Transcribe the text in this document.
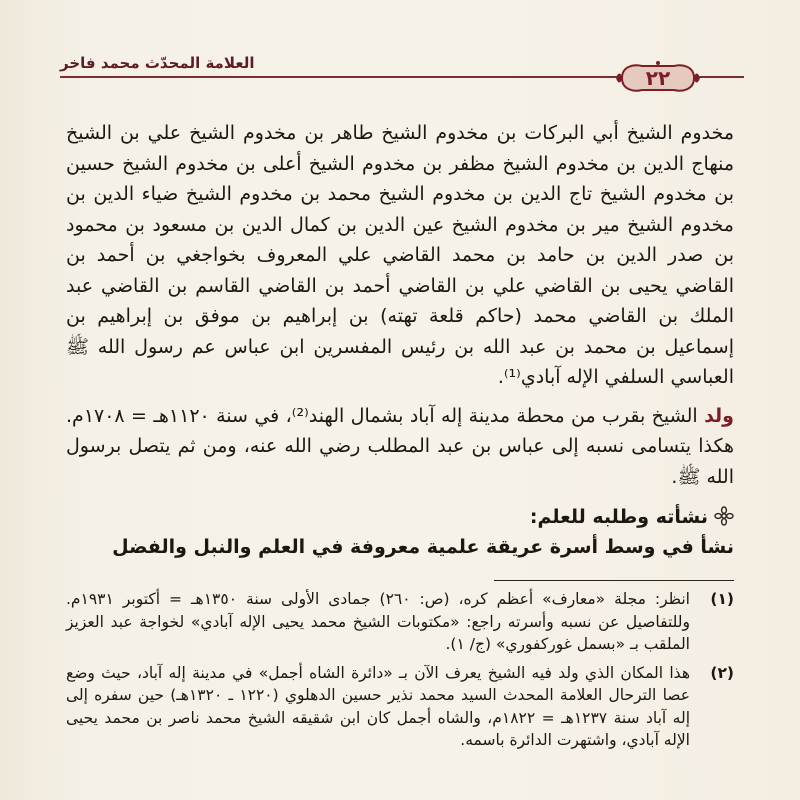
العلامة المحدّث محمد فاخر
٢٢

مخدوم الشيخ أبي البركات بن مخدوم الشيخ طاهر بن مخدوم الشيخ علي بن الشيخ منهاج الدين بن مخدوم الشيخ مظفر بن مخدوم الشيخ أعلى بن مخدوم الشيخ حسين بن مخدوم الشيخ تاج الدين بن مخدوم الشيخ محمد بن مخدوم الشيخ ضياء الدين بن مخدوم الشيخ مير بن مخدوم الشيخ عين الدين بن كمال الدين بن مسعود بن محمود بن صدر الدين بن حامد بن محمد القاضي علي المعروف بخواجغي بن أحمد بن القاضي يحيى بن القاضي علي بن القاضي أحمد بن القاضي القاسم بن القاضي عبد الملك بن القاضي محمد (حاكم قلعة تهته) بن إبراهيم بن موفق بن إبراهيم بن إسماعيل بن محمد بن عبد الله بن رئيس المفسرين ابن عباس عم رسول الله ﷺ العباسي السلفي الإله آبادي⁽¹⁾.

ولد الشيخ بقرب من محطة مدينة إله آباد بشمال الهند⁽²⁾، في سنة ١١٢٠هـ = ١٧٠٨م. هكذا يتسامى نسبه إلى عباس بن عبد المطلب رضي الله عنه، ومن ثم يتصل برسول الله ﷺ.

نشأته وطلبه للعلم:
نشأ في وسط أسرة عريقة علمية معروفة في العلم والنبل والفضل
(١)
انظر: مجلة «معارف» أعظم كره، (ص: ٢٦٠) جمادى الأولى سنة ١٣٥٠هـ = أكتوبر ١٩٣١م. وللتفاصيل عن نسبه وأسرته راجع: «مكتوبات الشيخ محمد يحيى الإله آبادي» لخواجة عبد العزيز الملقب بـ «بسمل غوركفوري» (ج/ ١).
(٢)
هذا المكان الذي ولد فيه الشيخ يعرف الآن بـ «دائرة الشاه أجمل» في مدينة إله آباد، حيث وضع عصا الترحال العلامة المحدث السيد محمد نذير حسين الدهلوي (١٢٢٠ ـ ١٣٢٠هـ) حين سفره إلى إله آباد سنة ١٢٣٧هـ = ١٨٢٢م، والشاه أجمل كان ابن شقيقه الشيخ محمد ناصر بن محمد يحيى الإله آبادي، واشتهرت الدائرة باسمه.
